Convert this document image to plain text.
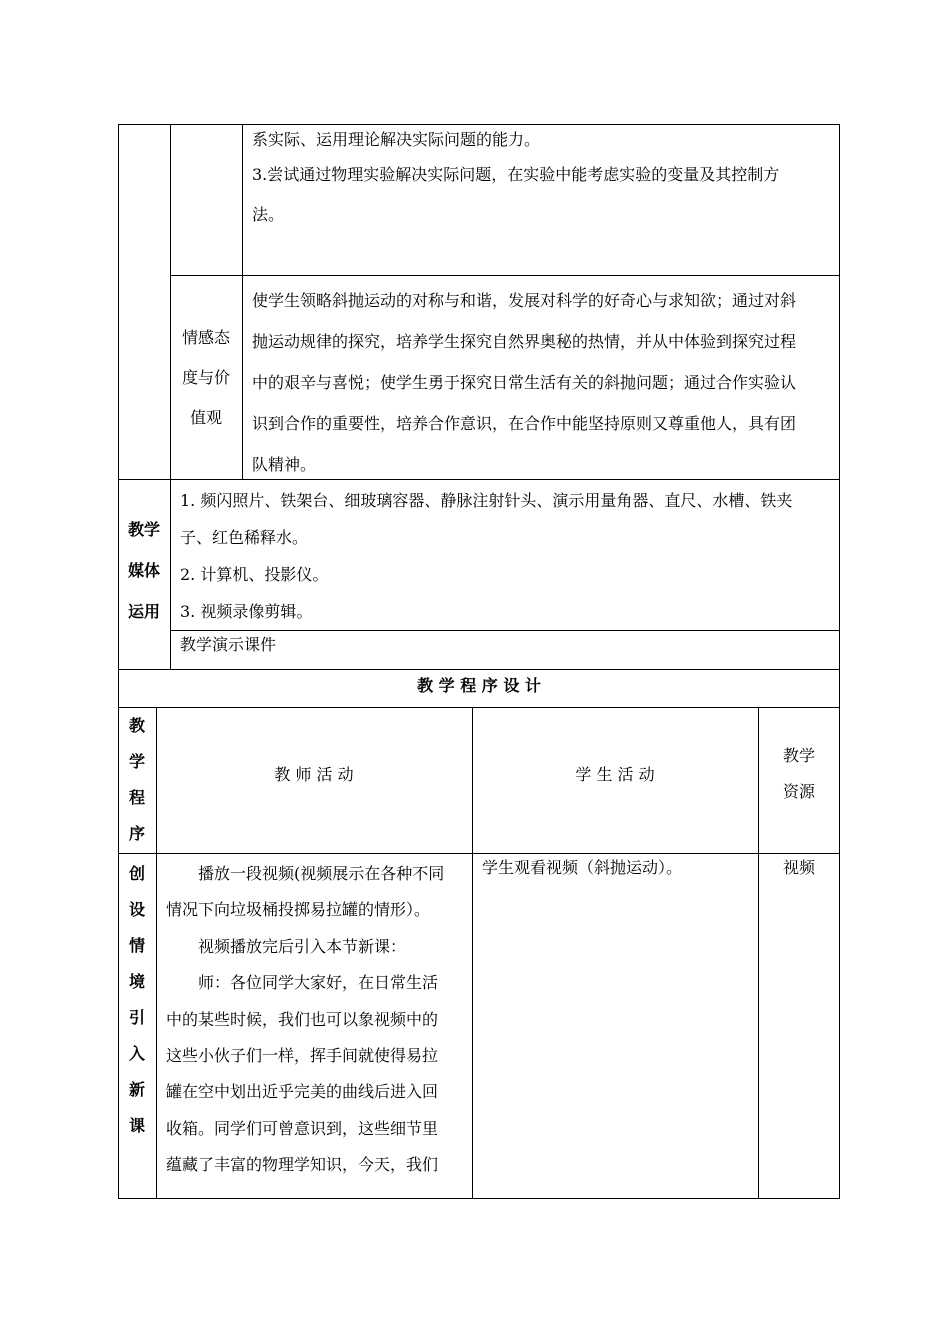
系实际、运用理论解决实际问题的能力。
3.尝试通过物理实验解决实际问题，在实验中能考虑实验的变量及其控制方
法。
情感态
度与价
值观
使学生领略斜抛运动的对称与和谐，发展对科学的好奇心与求知欲；通过对斜
抛运动规律的探究，培养学生探究自然界奥秘的热情，并从中体验到探究过程
中的艰辛与喜悦；使学生勇于探究日常生活有关的斜抛问题；通过合作实验认
识到合作的重要性，培养合作意识，在合作中能坚持原则又尊重他人，具有团
队精神。
教学
媒体
运用
1. 频闪照片、铁架台、细玻璃容器、静脉注射针头、演示用量角器、直尺、水槽、铁夹
子、红色稀释水。
2. 计算机、投影仪。
3. 视频录像剪辑。
教学演示课件
教 学 程 序 设 计
教
学
程
序
教 师 活 动	学 生 活 动
教学
资源
创
设
情
境
引
入
新
课
播放一段视频(视频展示在各种不同
情况下向垃圾桶投掷易拉罐的情形）。
视频播放完后引入本节新课：
师：各位同学大家好，在日常生活
中的某些时候，我们也可以象视频中的
这些小伙子们一样，挥手间就使得易拉
罐在空中划出近乎完美的曲线后进入回
收箱。同学们可曾意识到，这些细节里
蕴藏了丰富的物理学知识，今天，我们
学生观看视频（斜抛运动）。	视频
